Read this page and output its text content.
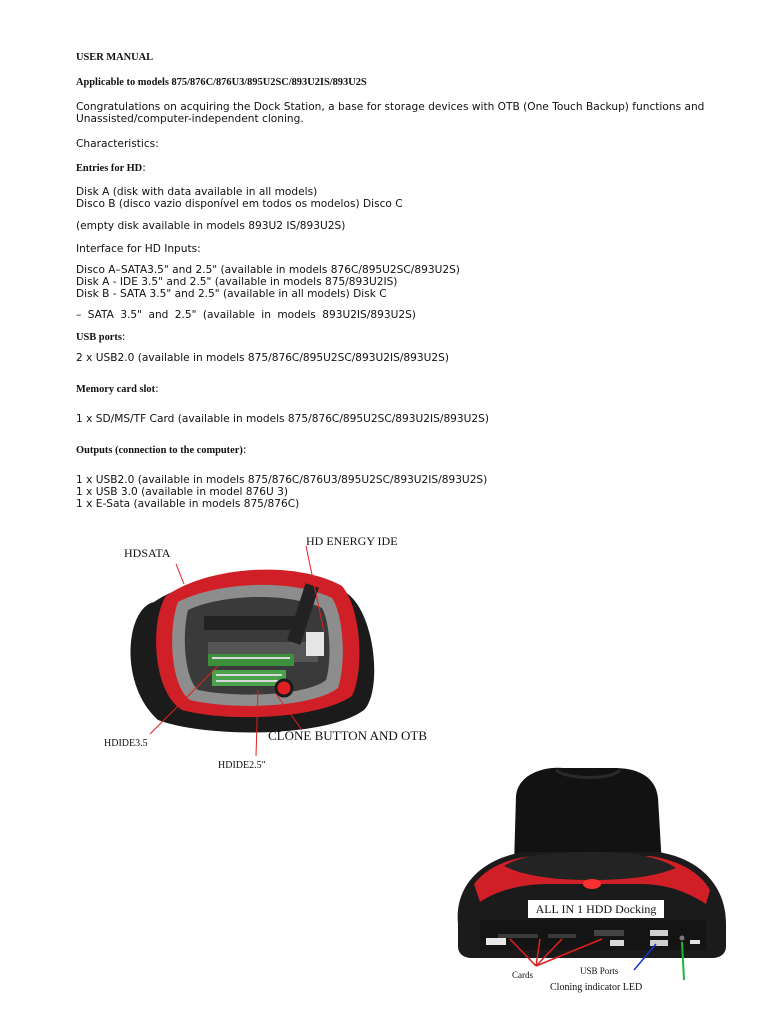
USER MANUAL

Applicable to models 875/876C/876U3/895U2SC/893U2IS/893U2S

Congratulations on acquiring the Dock Station, a base for storage devices with OTB (One Touch Backup) functions and

Unassisted/computer-independent cloning.

Characteristics:

Entries for HD:

Disk A (disk with data available in all models)

Disco B (disco vazio disponível em todos os modelos) Disco C

(empty disk available in models 893U2 IS/893U2S)

Interface for HD Inputs:

Disco A–SATA3.5" and 2.5" (available in models 876C/895U2SC/893U2S)

Disk A - IDE 3.5" and 2.5" (available in models 875/893U2IS)

Disk B - SATA 3.5" and 2.5" (available in all models) Disk C

– SATA 3.5" and 2.5" (available in models 893U2IS/893U2S)

USB ports:

2 x USB2.0 (available in models 875/876C/895U2SC/893U2IS/893U2S)

Memory card slot:

1 x SD/MS/TF Card (available in models 875/876C/895U2SC/893U2IS/893U2S)

Outputs (connection to the computer):

1 x USB2.0 (available in models 875/876C/876U3/895U2SC/893U2IS/893U2S)

1 x USB 3.0 (available in model 876U 3)

1 x E-Sata (available in models 875/876C)

HDSATA
HD ENERGY IDE
CLONE BUTTON AND OTB
HDIDE3.5
HDIDE2.5"
ALL IN 1 HDD Docking
Cards	USB Ports
Cloning indicator LED
